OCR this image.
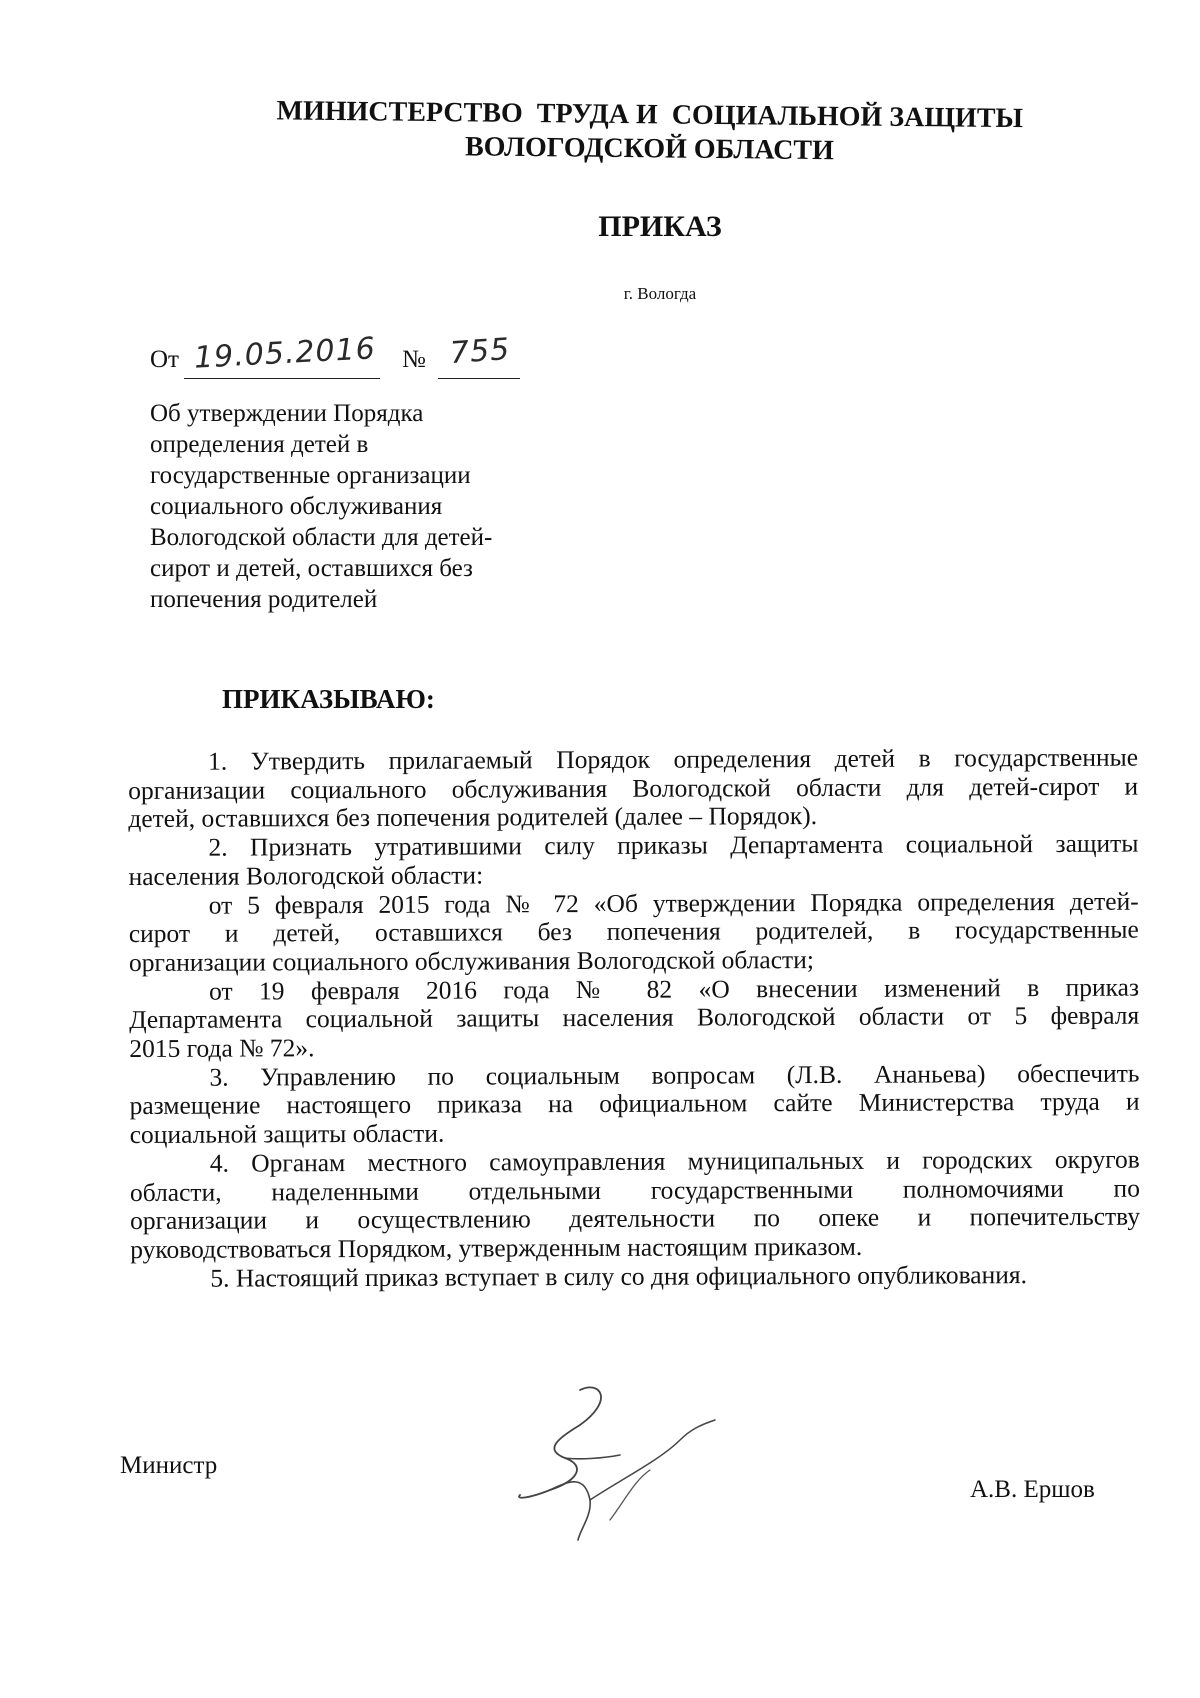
МИНИСТЕРСТВО  ТРУДА И  СОЦИАЛЬНОЙ ЗАЩИТЫ
ВОЛОГОДСКОЙ ОБЛАСТИ
ПРИКАЗ
г. Вологда
От 19.05.2016 № 755
Об утверждении Порядка
определения детей в
государственные организации
социального обслуживания
Вологодской области для детей-
сирот и детей, оставшихся без
попечения родителей
ПРИКАЗЫВАЮ:
1. Утвердить прилагаемый Порядок определения детей в государственные
организации социального обслуживания Вологодской области для детей-сирот и
детей, оставшихся без попечения родителей (далее – Порядок).
2. Признать утратившими силу приказы Департамента социальной защиты
населения Вологодской области:
от 5 февраля 2015 года № 72 «Об утверждении Порядка определения детей-
сирот и детей, оставшихся без попечения родителей, в государственные
организации социального обслуживания Вологодской области;
от 19 февраля 2016 года № 82 «О внесении изменений в приказ
Департамента социальной защиты населения Вологодской области от 5 февраля
2015 года № 72».
3. Управлению по социальным вопросам (Л.В. Ананьева) обеспечить
размещение настоящего приказа на официальном сайте Министерства труда и
социальной защиты области.
4. Органам местного самоуправления муниципальных и городских округов
области, наделенными отдельными государственными полномочиями по
организации и осуществлению деятельности по опеке и попечительству
руководствоваться Порядком, утвержденным настоящим приказом.
5. Настоящий приказ вступает в силу со дня официального опубликования.
Министр
А.В. Ершов
